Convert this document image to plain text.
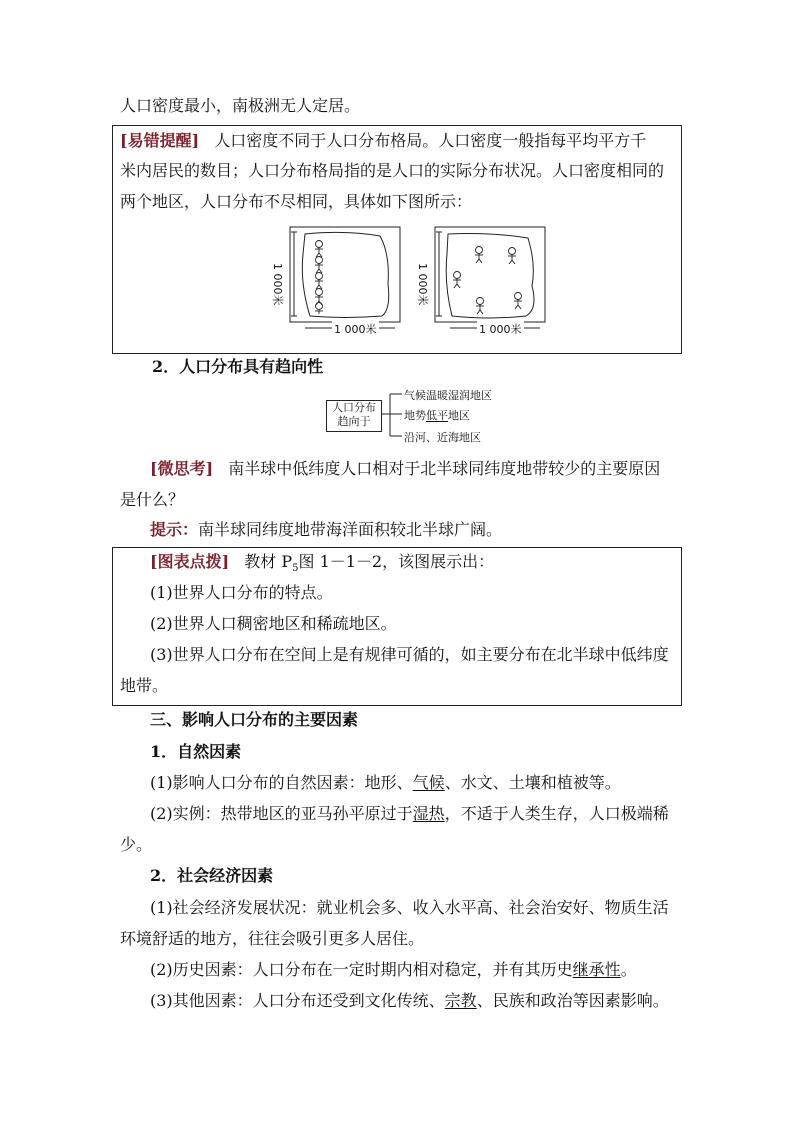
人口密度最小，南极洲无人定居。
[易错提醒] 人口密度不同于人口分布格局。人口密度一般指每平均平方千
米内居民的数目；人口分布格局指的是人口的实际分布状况。人口密度相同的
两个地区，人口分布不尽相同，具体如下图所示：
1 000米
1 000米
1 000米
1 000米
2．人口分布具有趋向性
人口分布
趋向于
气候温暖湿润地区
地势低平地区
沿河、近海地区
[微思考] 南半球中低纬度人口相对于北半球同纬度地带较少的主要原因
是什么？
提示：南半球同纬度地带海洋面积较北半球广阔。
[图表点拨] 教材 $P_5$图 1－1－2，该图展示出：
(1)世界人口分布的特点。
(2)世界人口稠密地区和稀疏地区。
(3)世界人口分布在空间上是有规律可循的，如主要分布在北半球中低纬度
地带。
三、影响人口分布的主要因素
1．自然因素
(1)影响人口分布的自然因素：地形、气候、水文、土壤和植被等。
(2)实例：热带地区的亚马孙平原过于湿热，不适于人类生存，人口极端稀
少。
2．社会经济因素
(1)社会经济发展状况：就业机会多、收入水平高、社会治安好、物质生活
环境舒适的地方，往往会吸引更多人居住。
(2)历史因素：人口分布在一定时期内相对稳定，并有其历史继承性。
(3)其他因素：人口分布还受到文化传统、宗教、民族和政治等因素影响。
